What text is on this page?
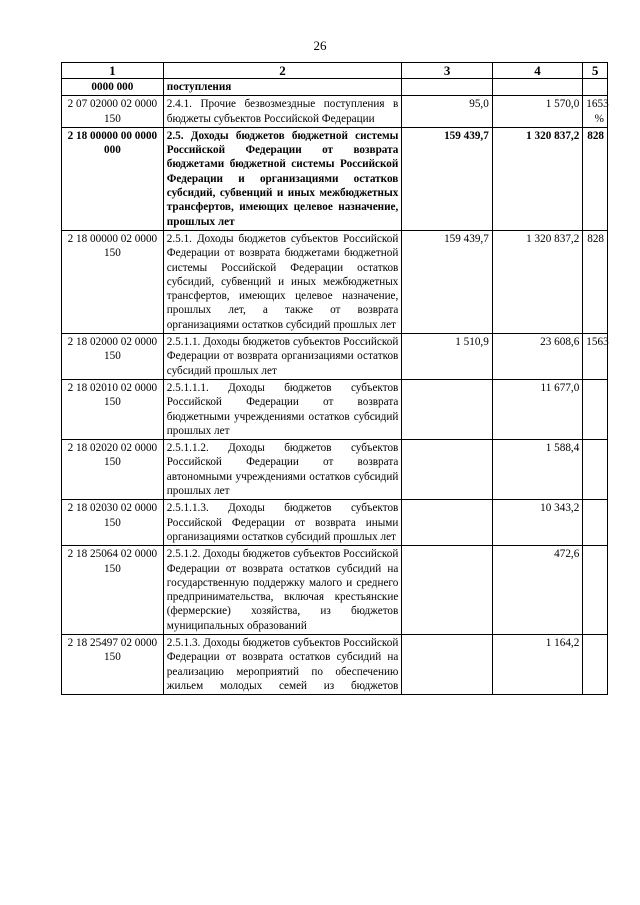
26
1	2	3	4	5
0000 000	поступления			
2 07 02000 02 0000 150	2.4.1. Прочие безвозмездные поступления в бюджеты субъектов Российской Федерации	95,0	1 570,0	1653 %
2 18 00000 00 0000 000	2.5. Доходы бюджетов бюджетной системы Российской Федерации от возврата бюджетами бюджетной системы Российской Федерации и организациями остатков субсидий, субвенций и иных межбюджетных трансфертов, имеющих целевое назначение, прошлых лет	159 439,7	1 320 837,2	828
2 18 00000 02 0000 150	2.5.1. Доходы бюджетов субъектов Российской Федерации от возврата бюджетами бюджетной системы Российской Федерации остатков субсидий, субвенций и иных межбюджетных трансфертов, имеющих целевое назначение, прошлых лет, а также от возврата организациями остатков субсидий прошлых лет	159 439,7	1 320 837,2	828
2 18 02000 02 0000 150	2.5.1.1. Доходы бюджетов субъектов Российской Федерации от возврата организациями остатков субсидий прошлых лет	1 510,9	23 608,6	1563
2 18 02010 02 0000 150	2.5.1.1.1. Доходы бюджетов субъектов Российской Федерации от возврата бюджетными учреждениями остатков субсидий прошлых лет		11 677,0	
2 18 02020 02 0000 150	2.5.1.1.2. Доходы бюджетов субъектов Российской Федерации от возврата автономными учреждениями остатков субсидий прошлых лет		1 588,4	
2 18 02030 02 0000 150	2.5.1.1.3. Доходы бюджетов субъектов Российской Федерации от возврата иными организациями остатков субсидий прошлых лет		10 343,2	
2 18 25064 02 0000 150	2.5.1.2. Доходы бюджетов субъектов Российской Федерации от возврата остатков субсидий на государственную поддержку малого и среднего предпринимательства, включая крестьянские (фермерские) хозяйства, из бюджетов муниципальных образований		472,6	
2 18 25497 02 0000 150	2.5.1.3. Доходы бюджетов субъектов Российской Федерации от возврата остатков субсидий на реализацию мероприятий по обеспечению жильем молодых семей из бюджетов		1 164,2	
